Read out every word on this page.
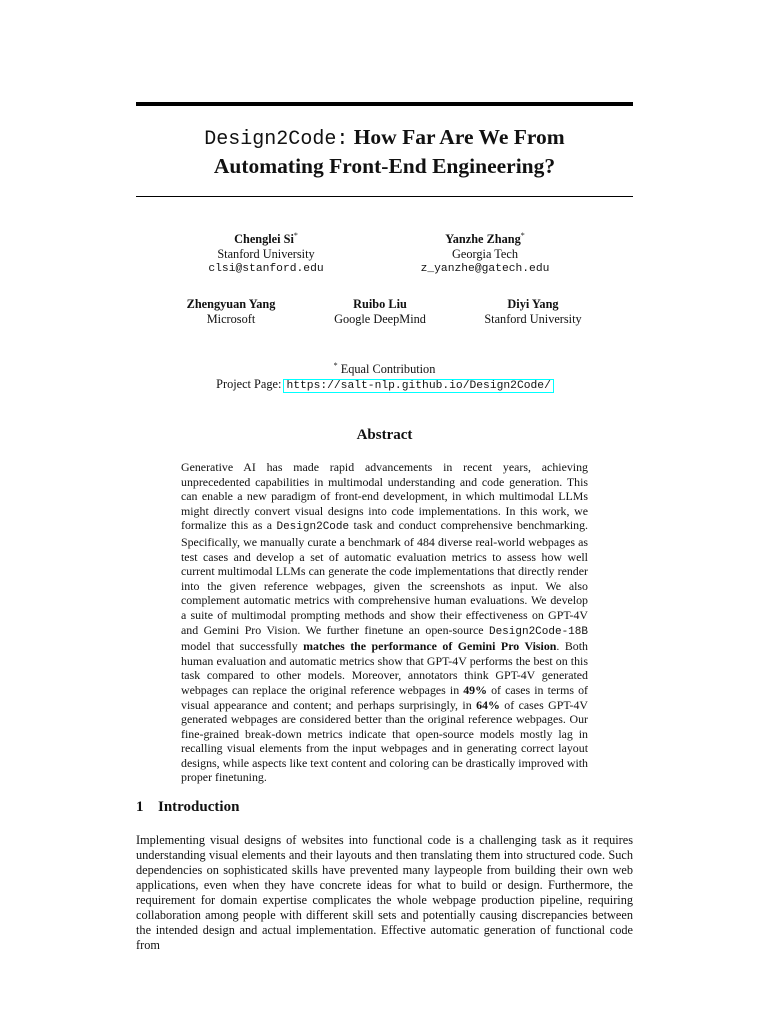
Design2Code: How Far Are We From
Automating Front-End Engineering?
Chenglei Si*
Stanford University
clsi@stanford.edu
Yanzhe Zhang*
Georgia Tech
z_yanzhe@gatech.edu
Zhengyuan Yang
Microsoft
Ruibo Liu
Google DeepMind
Diyi Yang
Stanford University
* Equal Contribution
Project Page: https://salt-nlp.github.io/Design2Code/
Abstract
Generative AI has made rapid advancements in recent years, achieving unprecedented capabilities in multimodal understanding and code generation. This can enable a new paradigm of front-end development, in which multimodal LLMs might directly convert visual designs into code implementations. In this work, we formalize this as a Design2Code task and conduct comprehensive benchmarking. Specifically, we manually curate a benchmark of 484 diverse real-world webpages as test cases and develop a set of automatic evaluation metrics to assess how well current multimodal LLMs can generate the code implementations that directly render into the given reference webpages, given the screenshots as input. We also complement automatic metrics with comprehensive human evaluations. We develop a suite of multimodal prompting methods and show their effectiveness on GPT-4V and Gemini Pro Vision. We further finetune an open-source Design2Code-18B model that successfully matches the performance of Gemini Pro Vision. Both human evaluation and automatic metrics show that GPT-4V performs the best on this task compared to other models. Moreover, annotators think GPT-4V generated webpages can replace the original reference webpages in 49% of cases in terms of visual appearance and content; and perhaps surprisingly, in 64% of cases GPT-4V generated webpages are considered better than the original reference webpages. Our fine-grained break-down metrics indicate that open-source models mostly lag in recalling visual elements from the input webpages and in generating correct layout designs, while aspects like text content and coloring can be drastically improved with proper finetuning.
1 Introduction
Implementing visual designs of websites into functional code is a challenging task as it requires understanding visual elements and their layouts and then translating them into structured code. Such dependencies on sophisticated skills have prevented many laypeople from building their own web applications, even when they have concrete ideas for what to build or design. Furthermore, the requirement for domain expertise complicates the whole webpage production pipeline, requiring collaboration among people with different skill sets and potentially causing discrepancies between the intended design and actual implementation. Effective automatic generation of functional code from
